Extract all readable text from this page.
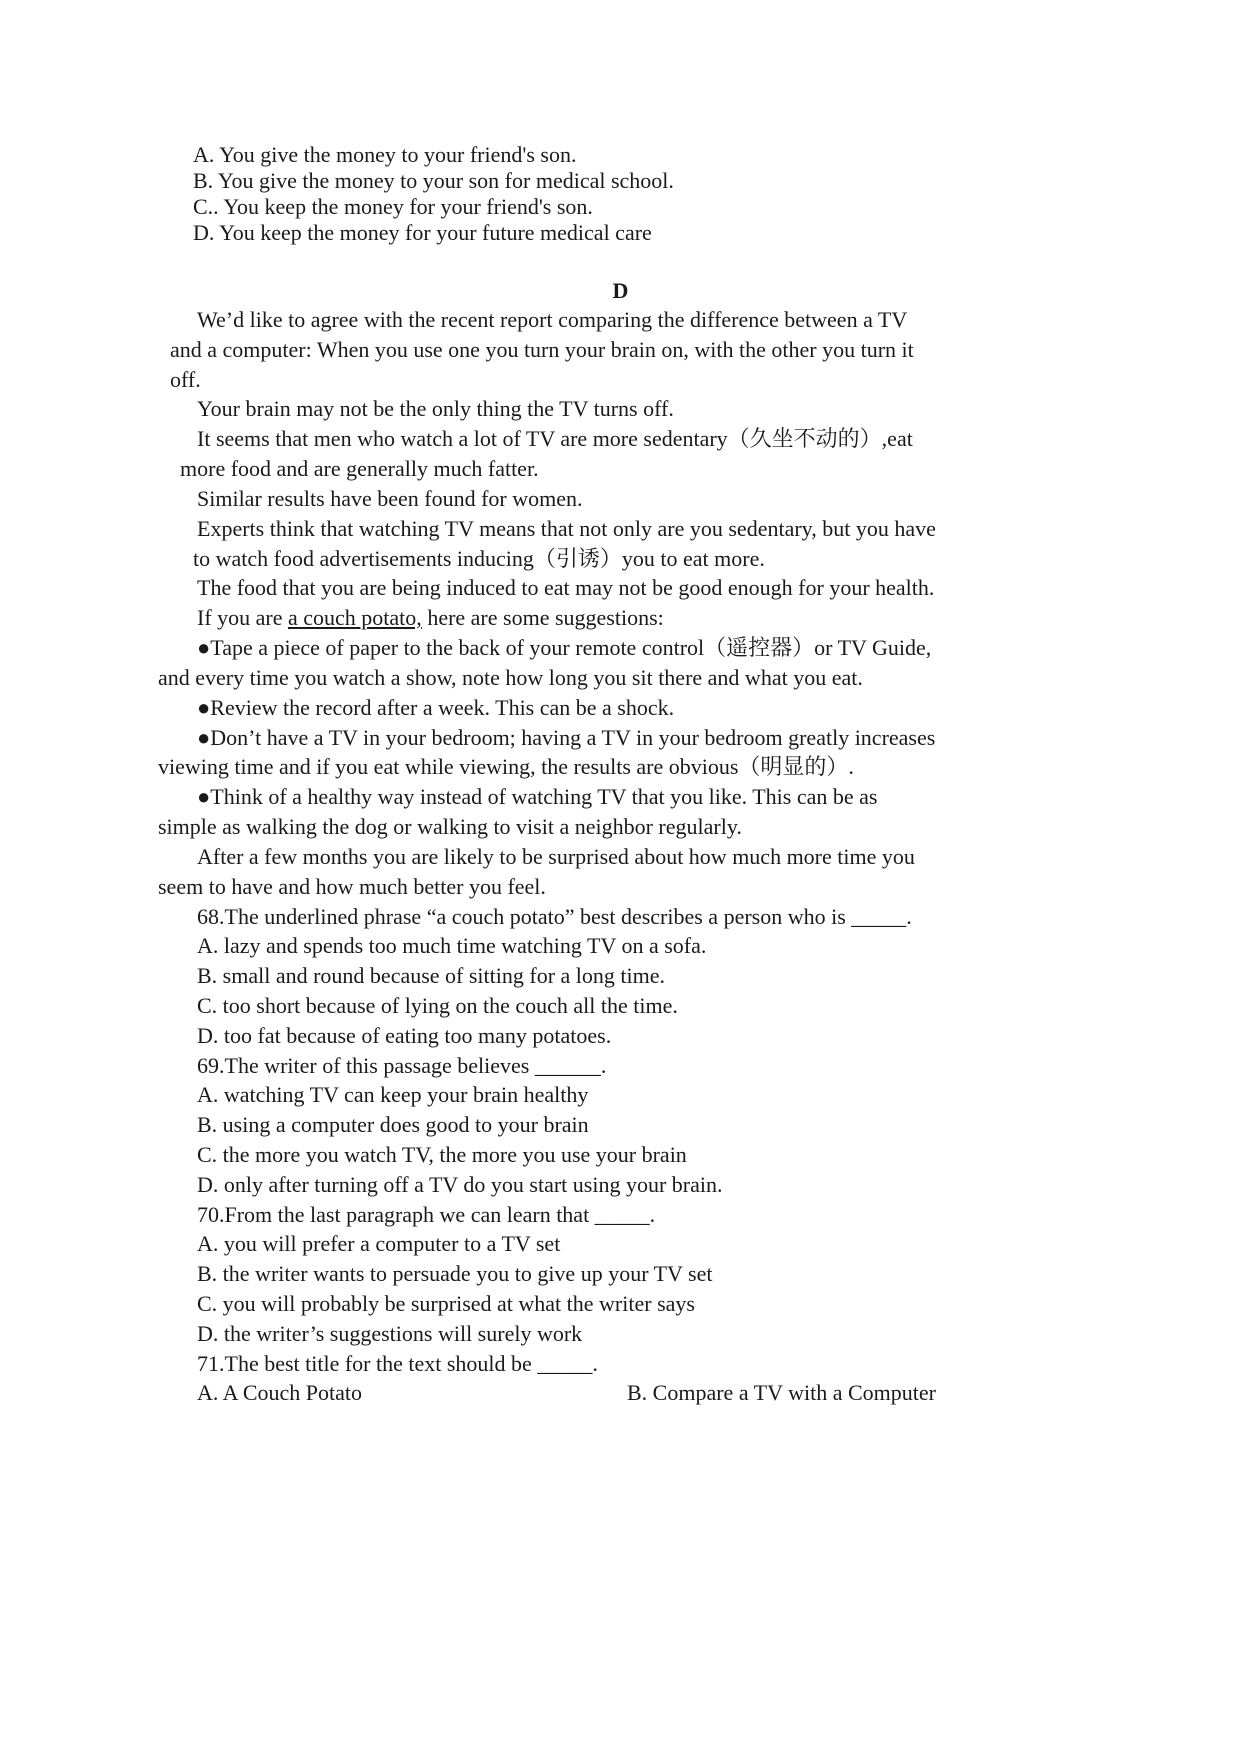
A. You give the money to your friend's son.
B. You give the money to your son for medical school.
C.. You keep the money for your friend's son.
D. You keep the money for your future medical care
D
We’d like to agree with the recent report comparing the difference between a TV
and a computer: When you use one you turn your brain on, with the other you turn it
off.
Your brain may not be the only thing the TV turns off.
It seems that men who watch a lot of TV are more sedentary（久坐不动的）,eat
more food and are generally much fatter.
Similar results have been found for women.
Experts think that watching TV means that not only are you sedentary, but you have
to watch food advertisements inducing（引诱）you to eat more.
The food that you are being induced to eat may not be good enough for your health.
If you are a couch potato, here are some suggestions:
●Tape a piece of paper to the back of your remote control（遥控器）or TV Guide,
and every time you watch a show, note how long you sit there and what you eat.
●Review the record after a week. This can be a shock.
●Don’t have a TV in your bedroom; having a TV in your bedroom greatly increases
viewing time and if you eat while viewing, the results are obvious（明显的）.
●Think of a healthy way instead of watching TV that you like. This can be as
simple as walking the dog or walking to visit a neighbor regularly.
After a few months you are likely to be surprised about how much more time you
seem to have and how much better you feel.
68.The underlined phrase “a couch potato” best describes a person who is _____.
A. lazy and spends too much time watching TV on a sofa.
B. small and round because of sitting for a long time.
C. too short because of lying on the couch all the time.
D. too fat because of eating too many potatoes.
69.The writer of this passage believes ______.
A. watching TV can keep your brain healthy
B. using a computer does good to your brain
C. the more you watch TV, the more you use your brain
D. only after turning off a TV do you start using your brain.
70.From the last paragraph we can learn that _____.
A. you will prefer a computer to a TV set
B. the writer wants to persuade you to give up your TV set
C. you will probably be surprised at what the writer says
D. the writer’s suggestions will surely work
71.The best title for the text should be _____.
A. A Couch Potato	B. Compare a TV with a Computer
